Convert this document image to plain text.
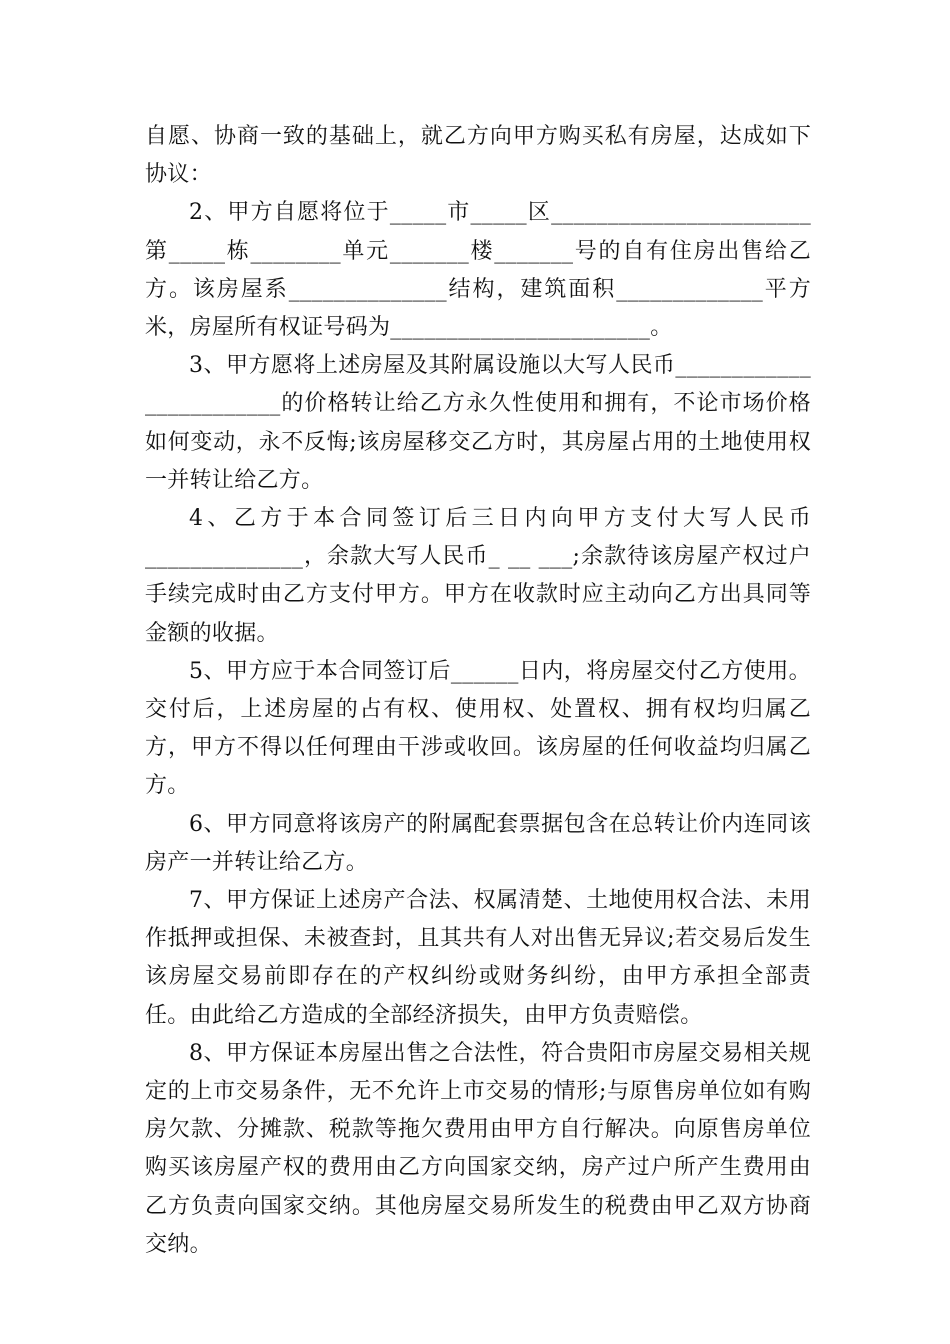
自愿、协商一致的基础上，就乙方向甲方购买私有房屋，达成如下协议：

2、甲方自愿将位于_____市_____区_______________________第_____栋________单元_______楼_______号的自有住房出售给乙方。该房屋系______________结构，建筑面积_____________平方米，房屋所有权证号码为_______________________。

3、甲方愿将上述房屋及其附属设施以大写人民币____________ ____________的价格转让给乙方永久性使用和拥有，不论市场价格如何变动，永不反悔;该房屋移交乙方时，其房屋占用的土地使用权一并转让给乙方。

4、乙方于本合同签订后三日内向甲方支付大写人民币______________，余款大写人民币_ __ ___;余款待该房屋产权过户手续完成时由乙方支付甲方。甲方在收款时应主动向乙方出具同等金额的收据。

5、甲方应于本合同签订后______日内，将房屋交付乙方使用。交付后，上述房屋的占有权、使用权、处置权、拥有权均归属乙方，甲方不得以任何理由干涉或收回。该房屋的任何收益均归属乙方。

6、甲方同意将该房产的附属配套票据包含在总转让价内连同该房产一并转让给乙方。

7、甲方保证上述房产合法、权属清楚、土地使用权合法、未用作抵押或担保、未被查封，且其共有人对出售无异议;若交易后发生该房屋交易前即存在的产权纠纷或财务纠纷，由甲方承担全部责任。由此给乙方造成的全部经济损失，由甲方负责赔偿。

8、甲方保证本房屋出售之合法性，符合贵阳市房屋交易相关规定的上市交易条件，无不允许上市交易的情形;与原售房单位如有购房欠款、分摊款、税款等拖欠费用由甲方自行解决。向原售房单位购买该房屋产权的费用由乙方向国家交纳，房产过户所产生费用由乙方负责向国家交纳。其他房屋交易所发生的税费由甲乙双方协商交纳。
